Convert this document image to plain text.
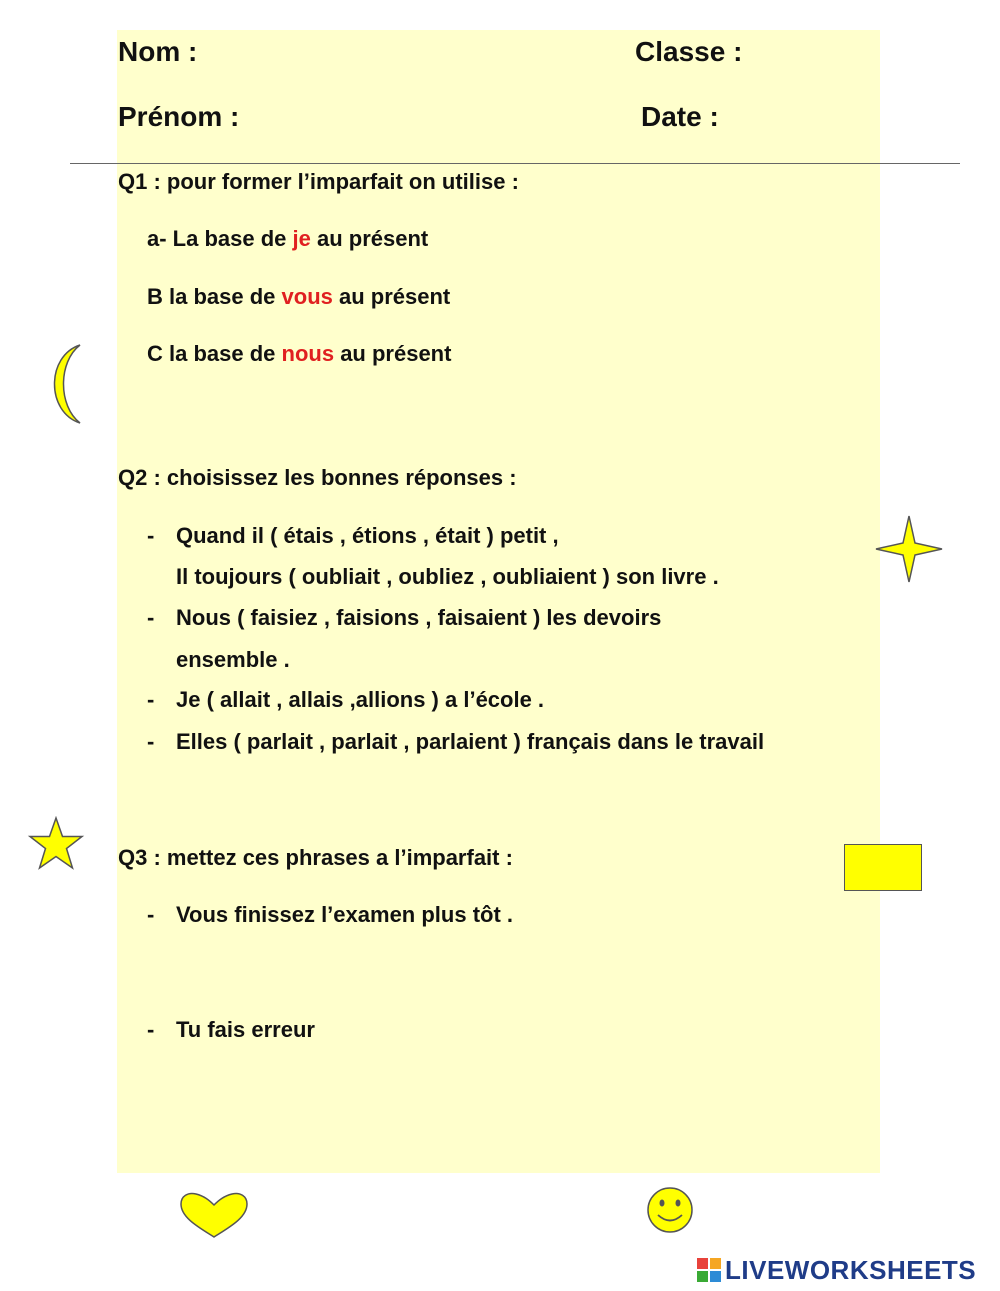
Nom :	Classe :
Prénom :	Date :
Q1 : pour former l’imparfait on utilise :
a- La base de je au présent
B la base de vous au présent
C la base de nous au présent
Q2 : choisissez les bonnes réponses :
- Quand il ( étais , étions , était ) petit ,
Il toujours ( oubliait , oubliez , oubliaient ) son livre .
- Nous ( faisiez , faisions , faisaient ) les devoirs
ensemble .
- Je ( allait , allais ,allions ) a l’école .
- Elles ( parlait , parlait , parlaient ) français dans le travail
Q3 : mettez ces phrases a l’imparfait :
- Vous finissez l’examen plus tôt .
- Tu fais erreur
LIVEWORKSHEETS
